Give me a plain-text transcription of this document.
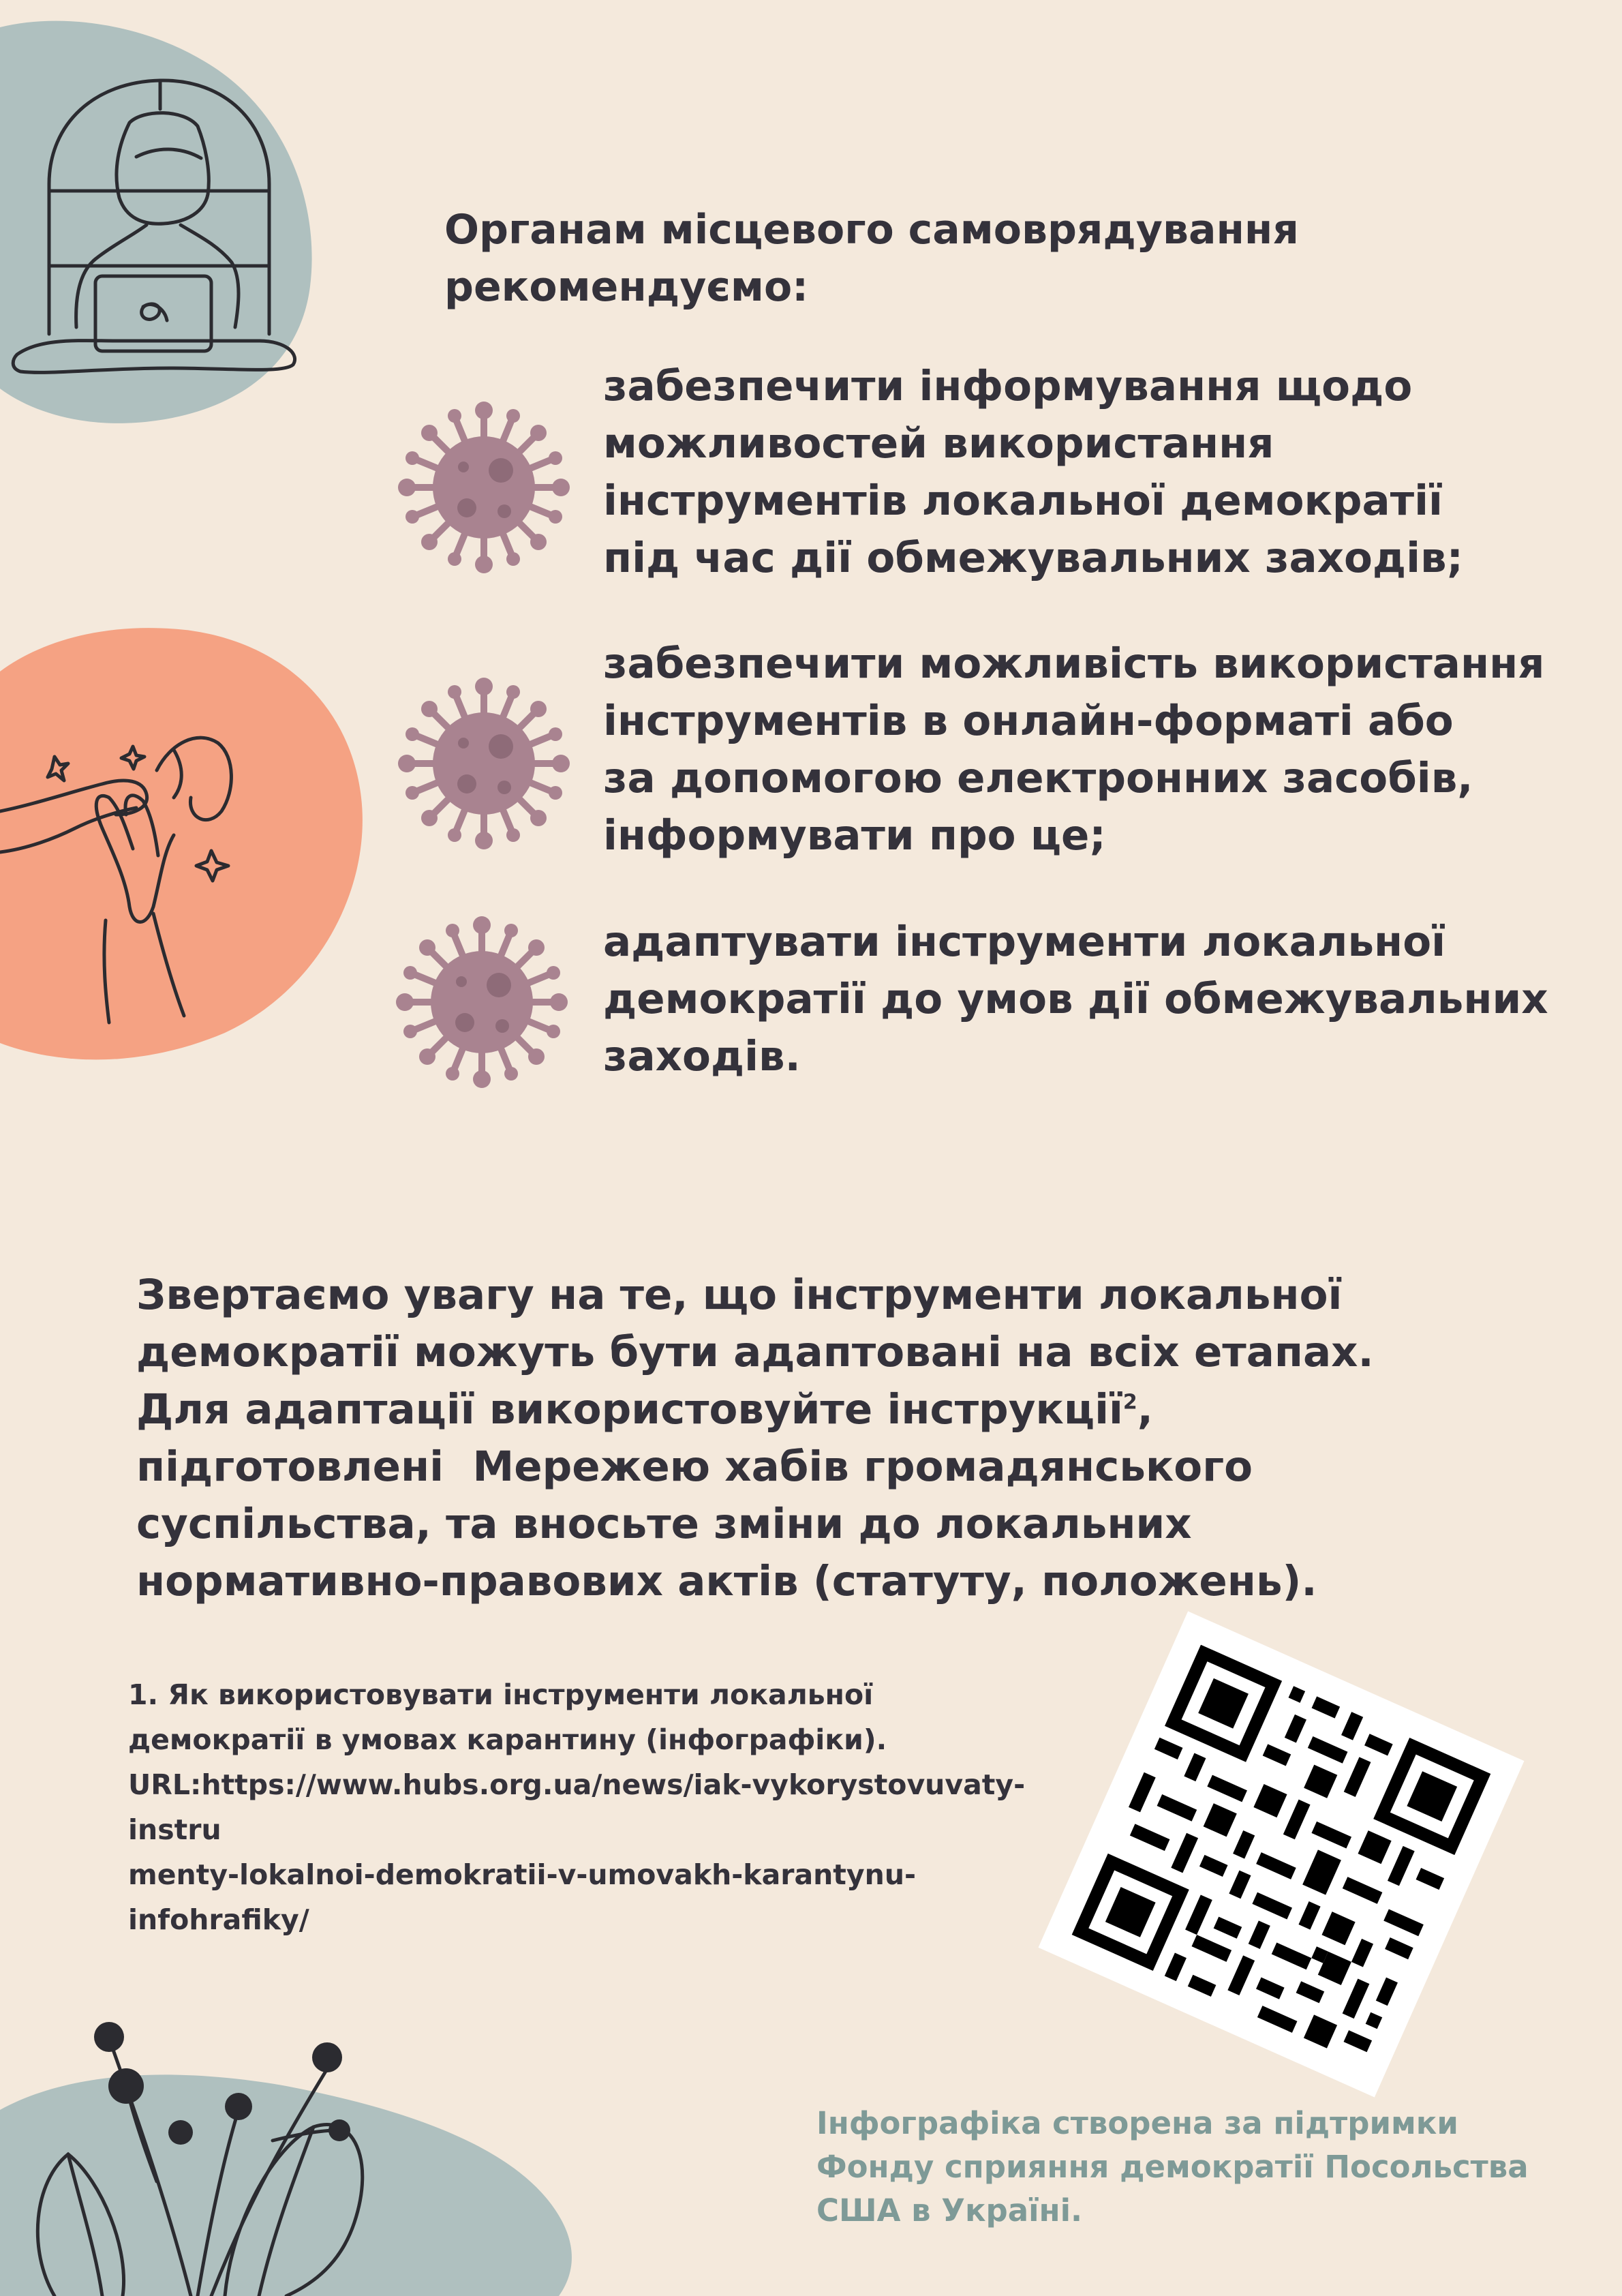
Органам місцевого самоврядування
рекомендуємо:
забезпечити інформування щодо
можливостей використання
інструментів локальної демократії
під час дії обмежувальних заходів;
забезпечити можливість використання
інструментів в онлайн-форматі або
за допомогою електронних засобів,
інформувати про це;
адаптувати інструменти локальної
демократії до умов дії обмежувальних
заходів.
Звертаємо увагу на те, що інструменти локальної
демократії можуть бути адаптовані на всіх етапах.
Для адаптації використовуйте інструкції$^2$,
підготовлені  Мережею хабів громадянського
суспільства, та вносьте зміни до локальних
нормативно-правових актів (статуту, положень).
1. Як використовувати інструменти локальної
демократії в умовах карантину (інфографіки).
URL:https://www.hubs.org.ua/news/iak-vykorystovuvaty-instru
menty-lokalnoi-demokratii-v-umovakh-karantynu-infohrafiky/
Інфографіка створена за підтримки
Фонду сприяння демократії Посольства
США в Україні.
